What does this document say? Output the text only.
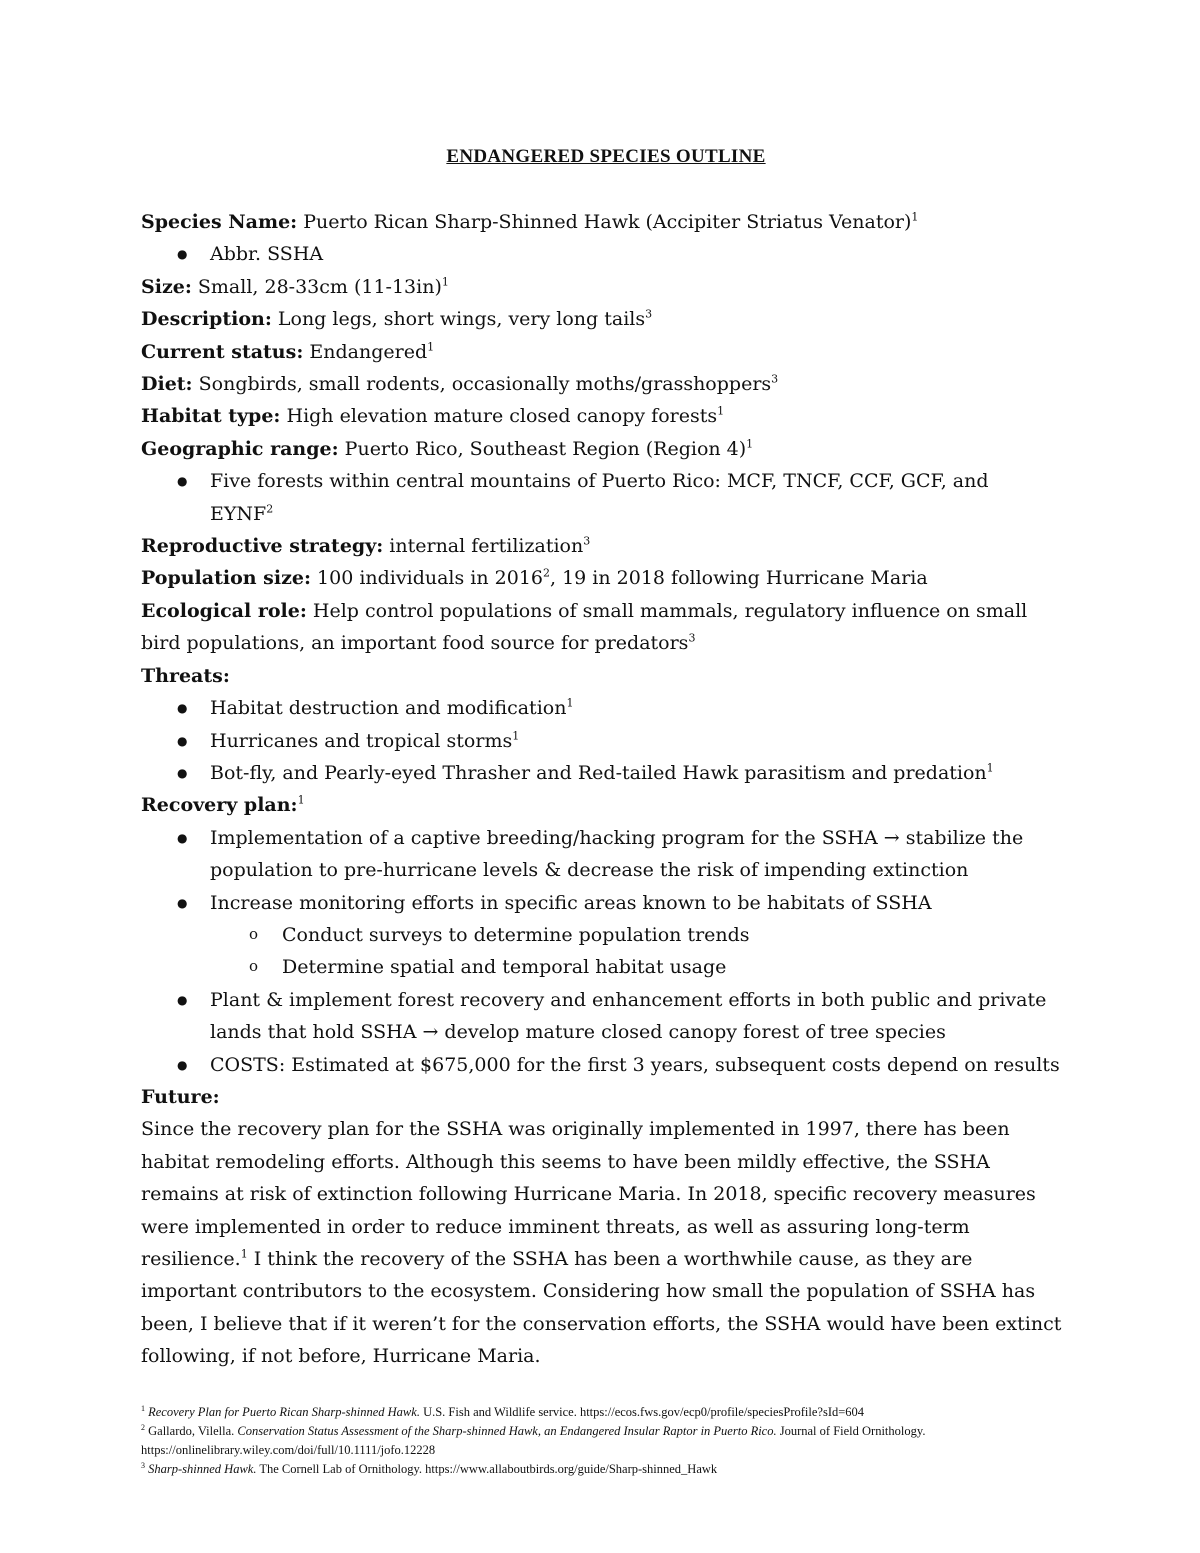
ENDANGERED SPECIES OUTLINE

Species Name: Puerto Rican Sharp-Shinned Hawk (Accipiter Striatus Venator)$^1$

● Abbr. SSHA

Size: Small, 28-33cm $(11-13in)^1$

Description: Long legs, short wings, very long tails$^3$

Current status: Endangered$^1$

Diet: Songbirds, small rodents, occasionally moths/grasshoppers$^3$

Habitat type: High elevation mature closed canopy forests$^1$

Geographic range: Puerto Rico, Southeast Region (Region 4)$^1$

● Five forests within central mountains of Puerto Rico: MCF, TNCF, CCF, GCF, and

EYNF$^2$

Reproductive strategy: internal fertilization$^3$

Population size: 100 individuals in 2016$^2$, 19 in 2018 following Hurricane Maria

Ecological role: Help control populations of small mammals, regulatory influence on small bird populations, an important food source for predators$^3$

Threats:

● Habitat destruction and modification$^1$

● Hurricanes and tropical storms$^1$

● Bot-fly, and Pearly-eyed Thrasher and Red-tailed Hawk parasitism and predation$^1$

Recovery plan:$^1$

● Implementation of a captive breeding/hacking program for the SSHA → stabilize the

population to pre-hurricane levels & decrease the risk of impending extinction

● Increase monitoring efforts in specific areas known to be habitats of SSHA

o Conduct surveys to determine population trends

o Determine spatial and temporal habitat usage

● Plant & implement forest recovery and enhancement efforts in both public and private

lands that hold SSHA → develop mature closed canopy forest of tree species

● COSTS: Estimated at $675,000 for the first 3 years, subsequent costs depend on results

Future:

Since the recovery plan for the SSHA was originally implemented in 1997, there has been habitat remodeling efforts. Although this seems to have been mildly effective, the SSHA remains at risk of extinction following Hurricane Maria. In 2018, specific recovery measures were implemented in order to reduce imminent threats, as well as assuring long-term resilience.$^1$ I think the recovery of the SSHA has been a worthwhile cause, as they are important contributors to the ecosystem. Considering how small the population of SSHA has been, I believe that if it weren’t for the conservation efforts, the SSHA would have been extinct following, if not before, Hurricane Maria.

$^1$ Recovery Plan for Puerto Rican Sharp-shinned Hawk. U.S. Fish and Wildlife service. https://ecos.fws.gov/ecp0/profile/speciesProfile?sId=604

$^2$ Gallardo, Vilella. Conservation Status Assessment of the Sharp-shinned Hawk, an Endangered Insular Raptor in Puerto Rico. Journal of Field Ornithology. https://onlinelibrary.wiley.com/doi/full/10.1111/jofo.12228

$^3$ Sharp-shinned Hawk. The Cornell Lab of Ornithology. https://www.allaboutbirds.org/guide/Sharp-shinned_Hawk
